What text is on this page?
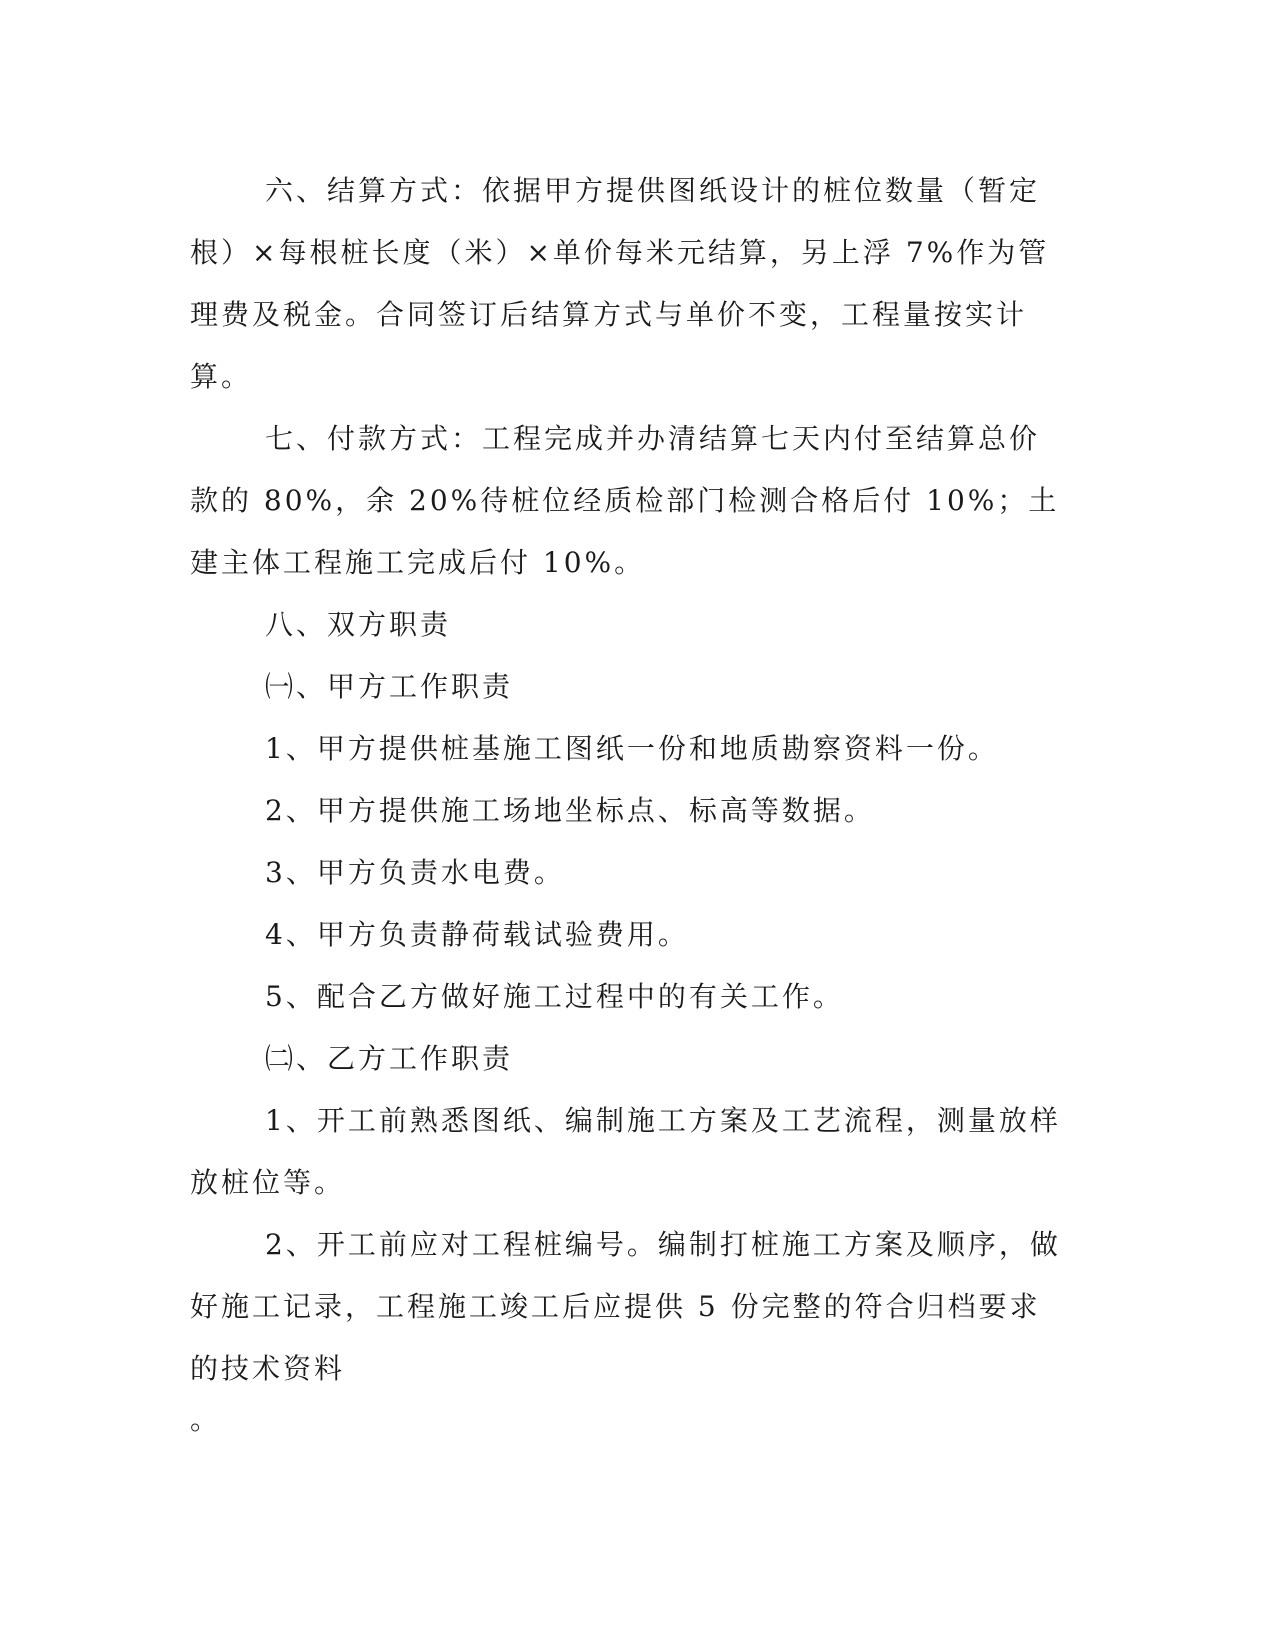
六、结算方式：依据甲方提供图纸设计的桩位数量（暂定根）×每根桩长度（米）×单价每米元结算，另上浮 7%作为管理费及税金。合同签订后结算方式与单价不变，工程量按实计算。

七、付款方式：工程完成并办清结算七天内付至结算总价款的 80%，余 20%待桩位经质检部门检测合格后付 10%；土建主体工程施工完成后付 10%。

八、双方职责

㈠、甲方工作职责

1、甲方提供桩基施工图纸一份和地质勘察资料一份。

2、甲方提供施工场地坐标点、标高等数据。

3、甲方负责水电费。

4、甲方负责静荷载试验费用。

5、配合乙方做好施工过程中的有关工作。

㈡、乙方工作职责

1、开工前熟悉图纸、编制施工方案及工艺流程，测量放样放桩位等。

2、开工前应对工程桩编号。编制打桩施工方案及顺序，做好施工记录，工程施工竣工后应提供 5 份完整的符合归档要求的技术资料

。
